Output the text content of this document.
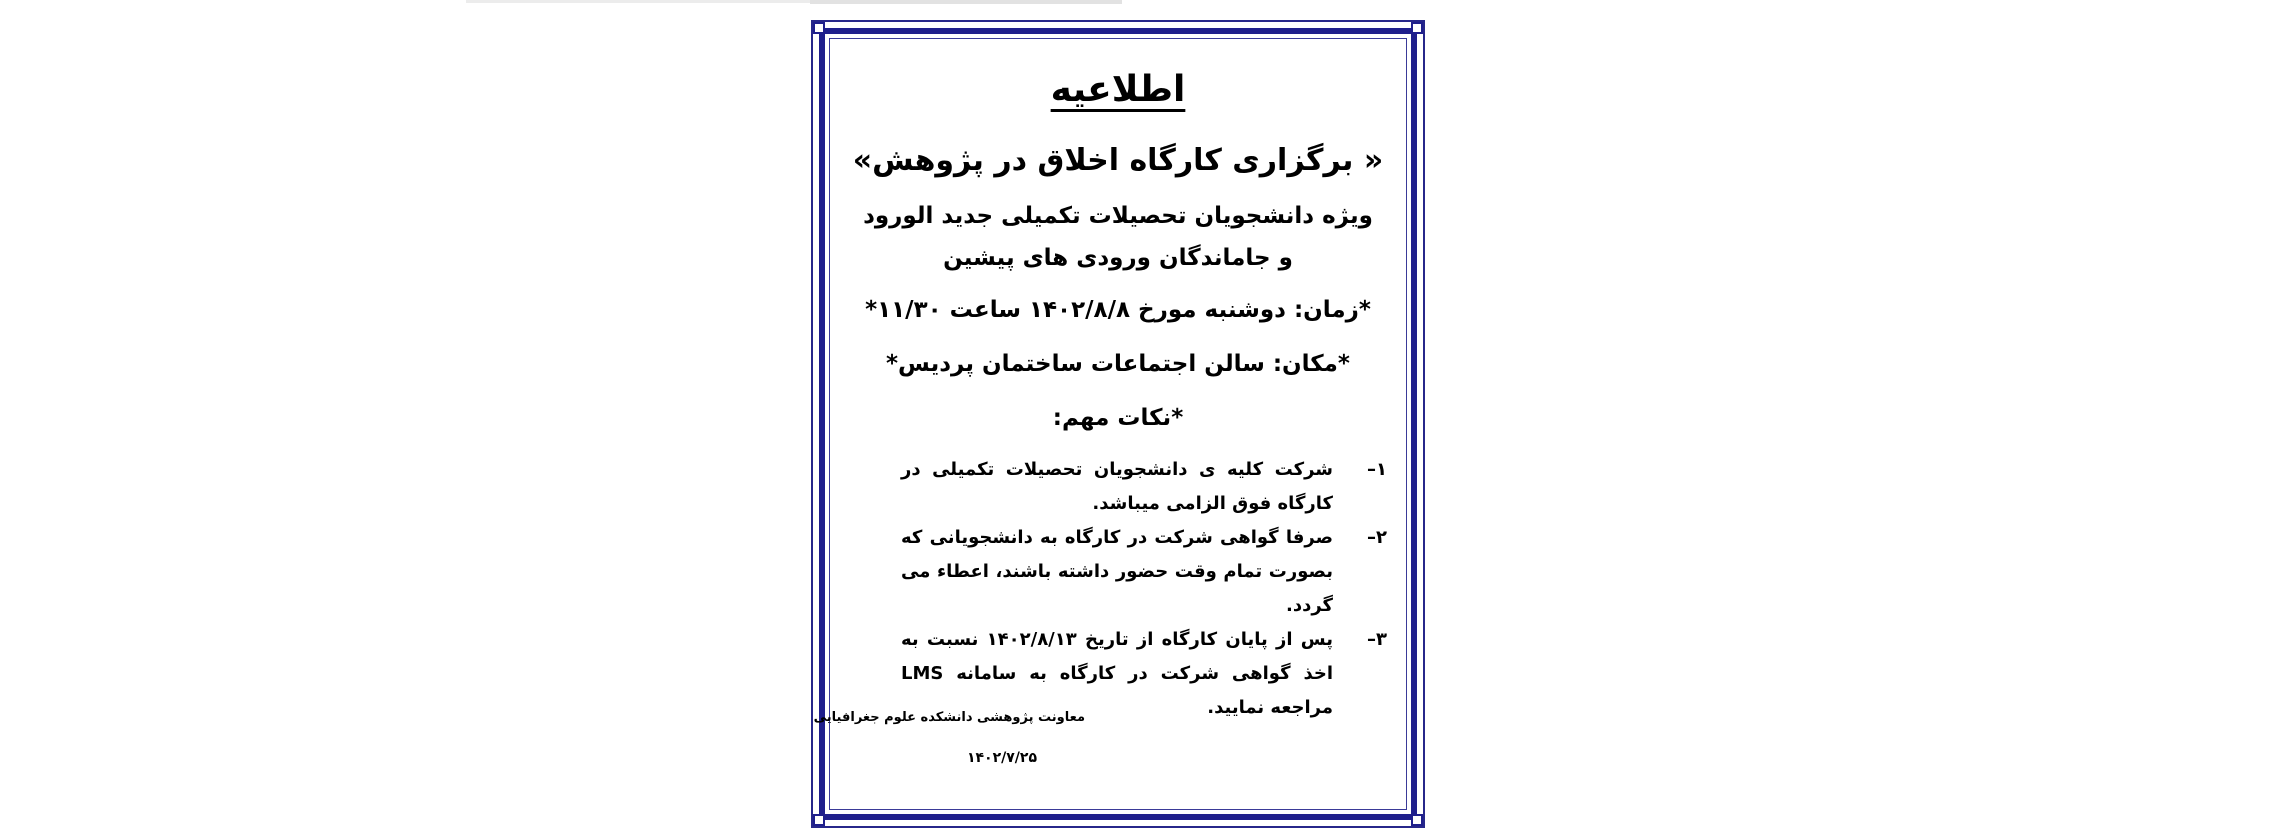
اطلاعیه
« برگزاری کارگاه اخلاق در پژوهش»
ویژه دانشجویان تحصیلات تکمیلی جدید الورود و جاماندگان ورودی های پیشین
*زمان: دوشنبه مورخ ۱۴۰۲/۸/۸ ساعت ۱۱/۳۰*
*مکان: سالن اجتماعات ساختمان پردیس*
*نکات مهم:
۱–
شرکت کلیه ی دانشجویان تحصیلات تکمیلی در کارگاه فوق الزامی میباشد.
۲–
صرفا گواهی شرکت در کارگاه به دانشجویانی که بصورت تمام وقت حضور داشته باشند، اعطاء می گردد.
۳–
پس از پایان کارگاه از تاریخ ۱۴۰۲/۸/۱۳ نسبت به اخذ گواهی شرکت در کارگاه به سامانه LMS مراجعه نمایید.
معاونت پژوهشی دانشکده علوم جغرافیایی
۱۴۰۲/۷/۲۵
